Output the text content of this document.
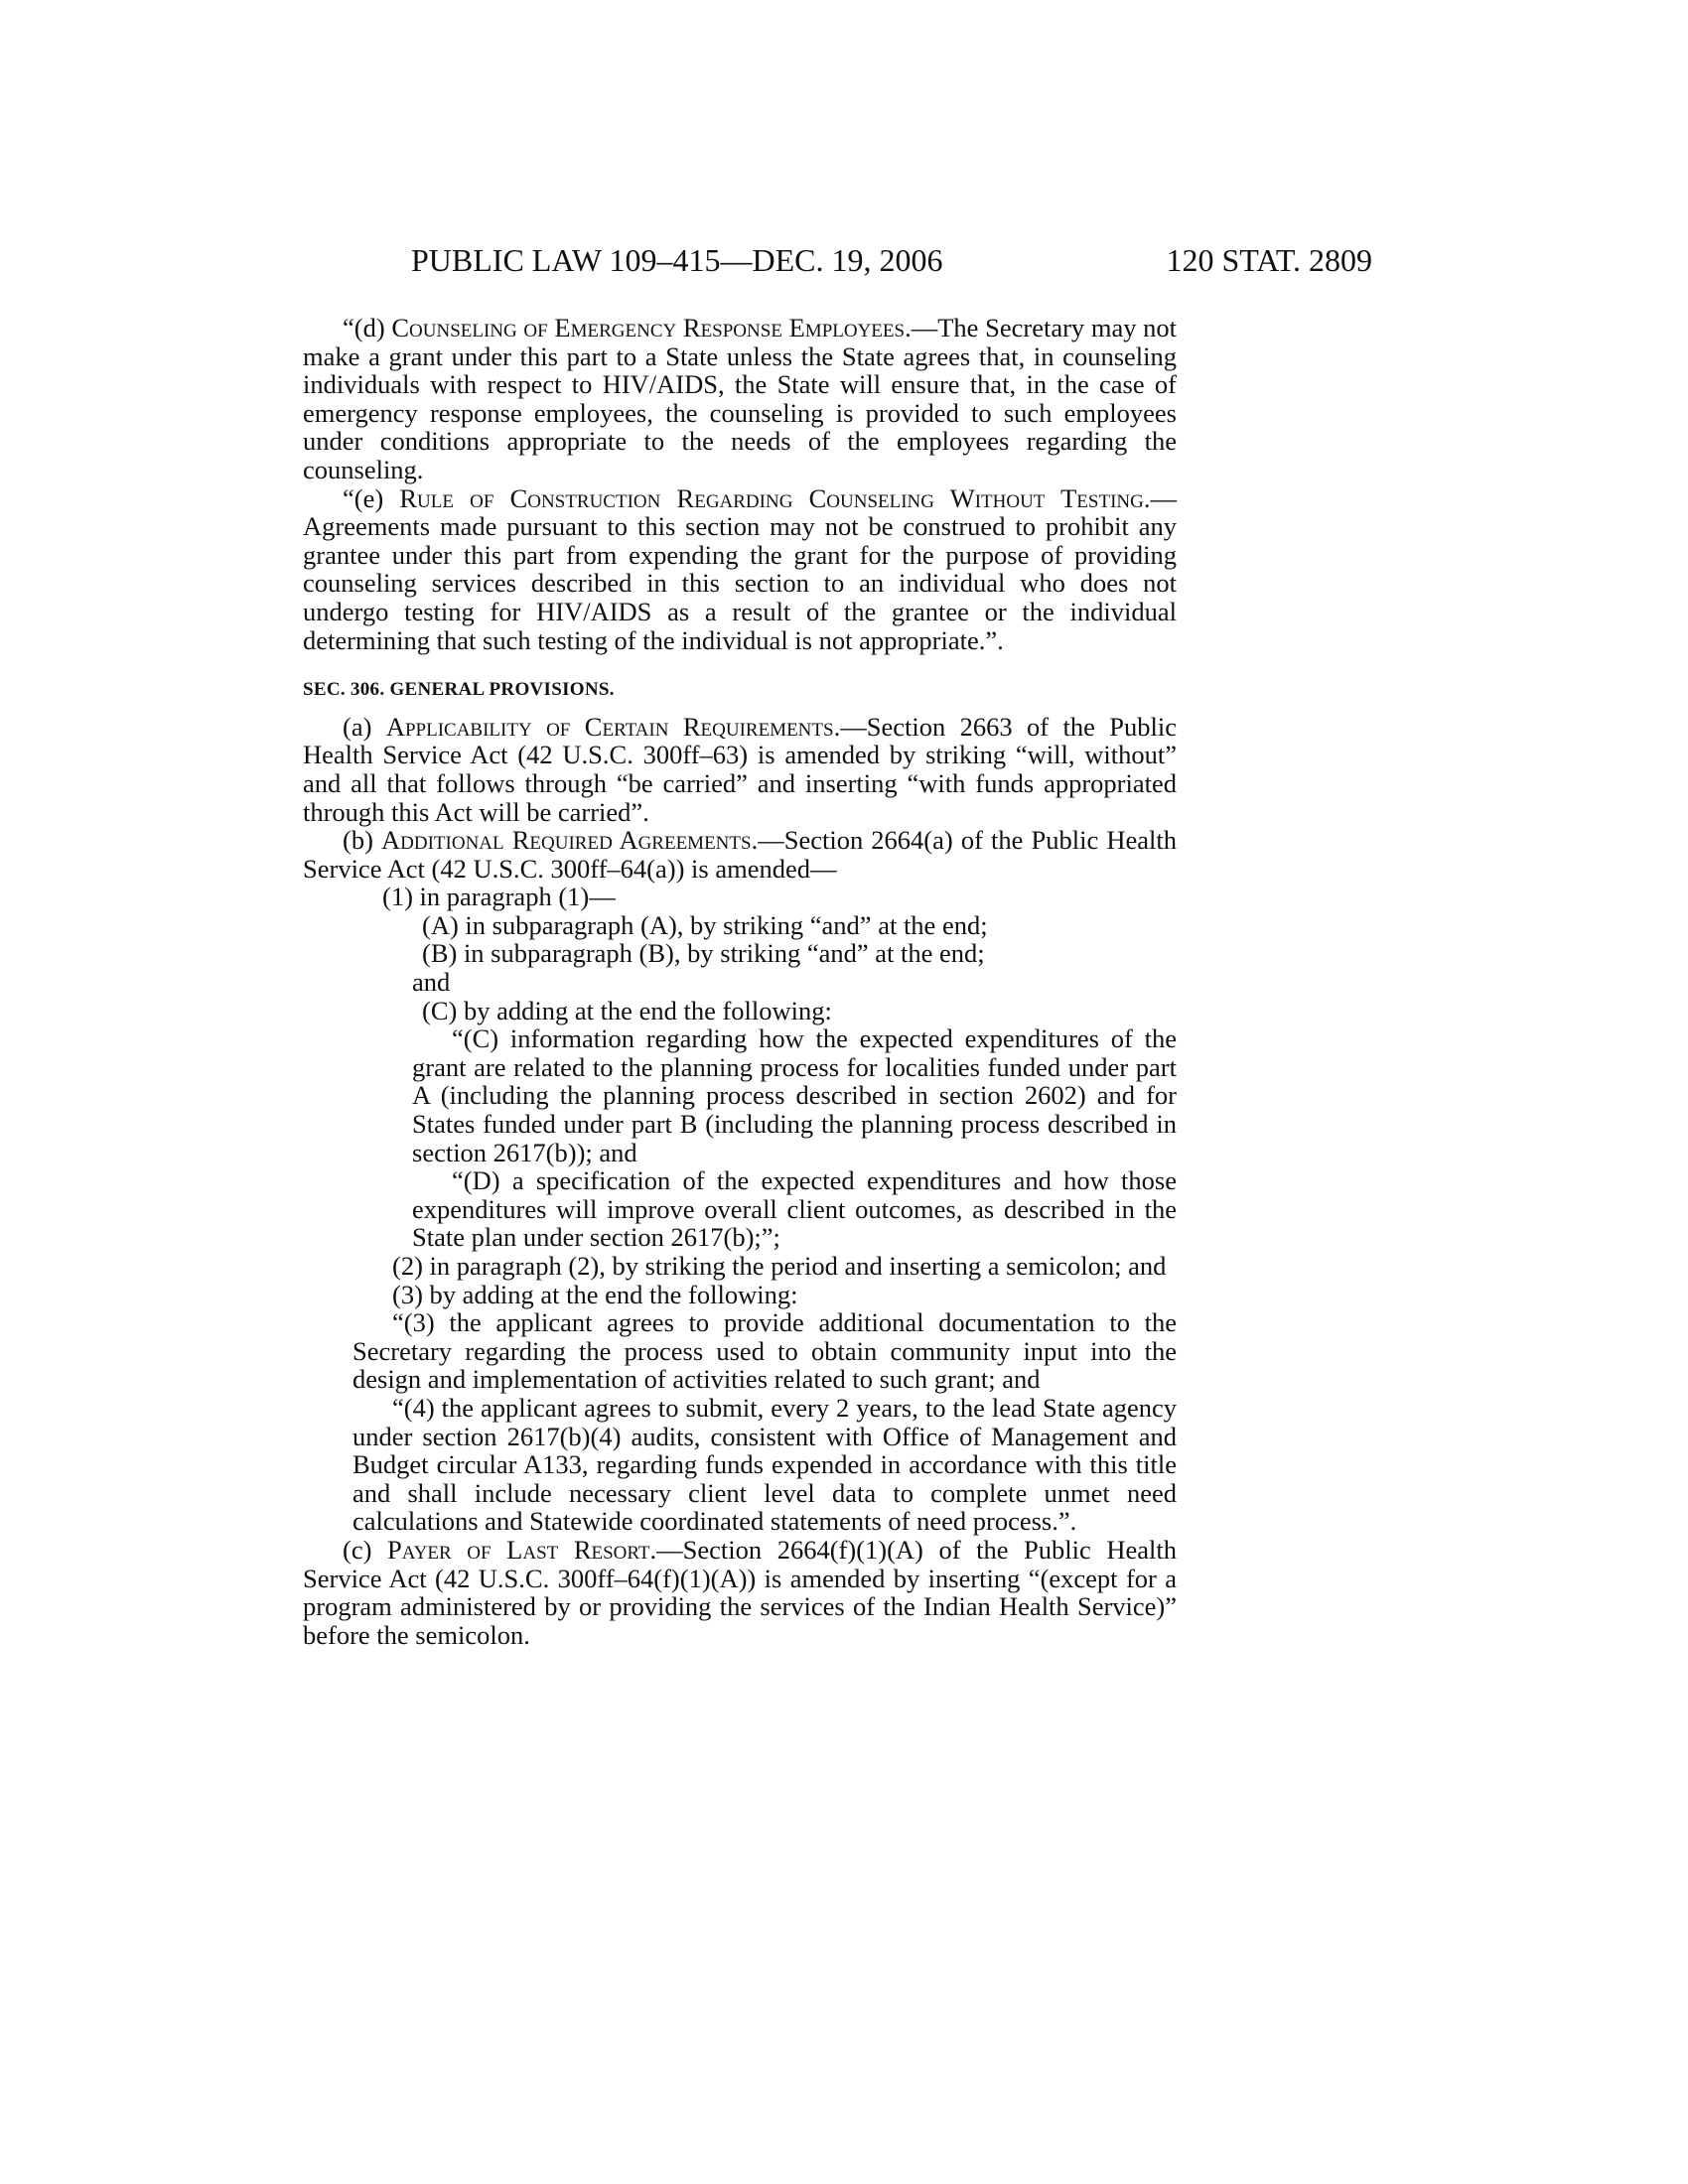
PUBLIC LAW 109–415—DEC. 19, 2006	120 STAT. 2809

“(d) Counseling of Emergency Response Employees.—The Secretary may not make a grant under this part to a State unless the State agrees that, in counseling individuals with respect to HIV/AIDS, the State will ensure that, in the case of emergency response employees, the counseling is provided to such employees under conditions appropriate to the needs of the employees regarding the counseling.

“(e) Rule of Construction Regarding Counseling Without Testing.—Agreements made pursuant to this section may not be construed to prohibit any grantee under this part from expending the grant for the purpose of providing counseling services described in this section to an individual who does not undergo testing for HIV/AIDS as a result of the grantee or the individual determining that such testing of the individual is not appropriate.”.

SEC. 306. GENERAL PROVISIONS.

(a) Applicability of Certain Requirements.—Section 2663 of the Public Health Service Act (42 U.S.C. 300ff–63) is amended by striking “will, without” and all that follows through “be carried” and inserting “with funds appropriated through this Act will be carried”.

(b) Additional Required Agreements.—Section 2664(a) of the Public Health Service Act (42 U.S.C. 300ff–64(a)) is amended—

(1) in paragraph (1)—

(A) in subparagraph (A), by striking “and” at the end;

(B) in subparagraph (B), by striking “and” at the end;

and

(C) by adding at the end the following:

“(C) information regarding how the expected expenditures of the grant are related to the planning process for localities funded under part A (including the planning process described in section 2602) and for States funded under part B (including the planning process described in section 2617(b)); and

“(D) a specification of the expected expenditures and how those expenditures will improve overall client outcomes, as described in the State plan under section 2617(b);”;

(2) in paragraph (2), by striking the period and inserting a semicolon; and

(3) by adding at the end the following:

“(3) the applicant agrees to provide additional documentation to the Secretary regarding the process used to obtain community input into the design and implementation of activities related to such grant; and

“(4) the applicant agrees to submit, every 2 years, to the lead State agency under section 2617(b)(4) audits, consistent with Office of Management and Budget circular A133, regarding funds expended in accordance with this title and shall include necessary client level data to complete unmet need calculations and Statewide coordinated statements of need process.”.

(c) Payer of Last Resort.—Section 2664(f)(1)(A) of the Public Health Service Act (42 U.S.C. 300ff–64(f)(1)(A)) is amended by inserting “(except for a program administered by or providing the services of the Indian Health Service)” before the semicolon.
